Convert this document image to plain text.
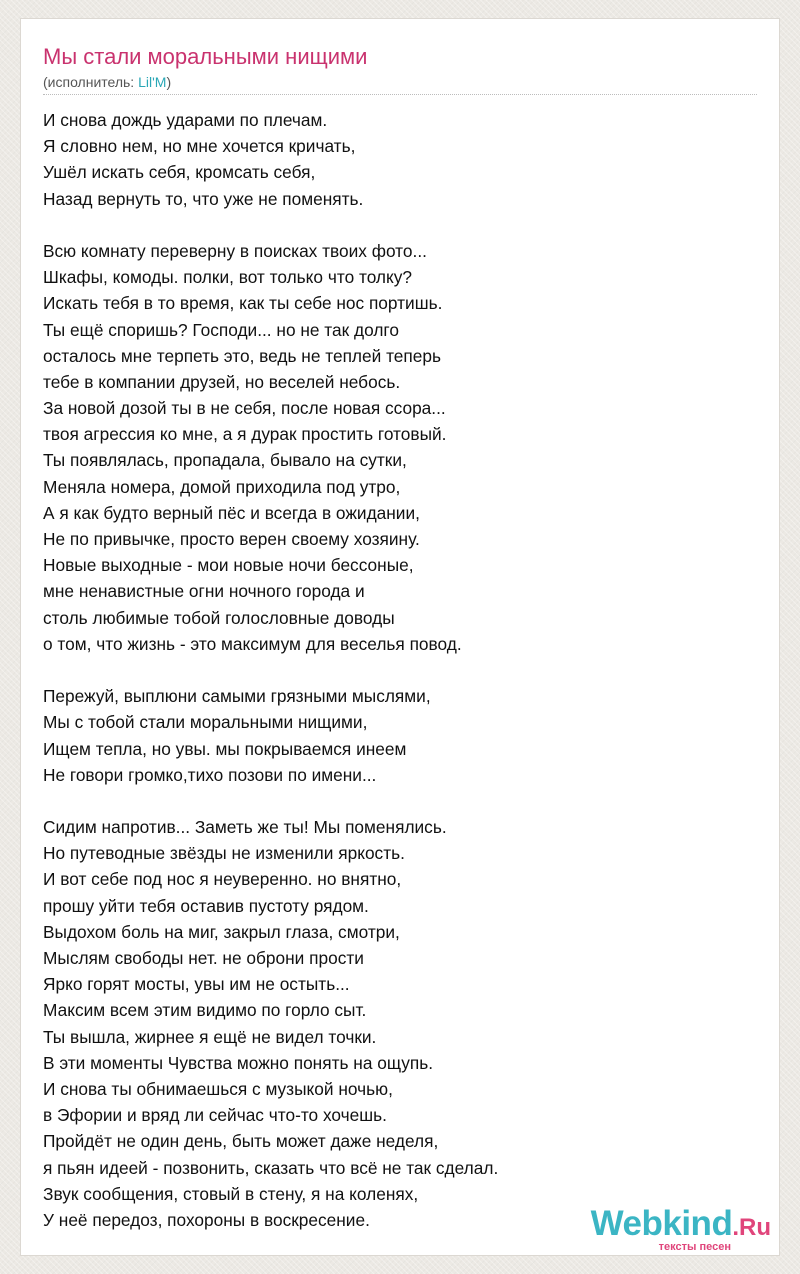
Мы стали моральными нищими
(исполнитель: Lil'M)
И снова дождь ударами по плечам.
Я словно нем, но мне хочется кричать,
Ушёл искать себя, кромсать себя,
Назад вернуть то, что уже не поменять.
Всю комнату переверну в поисках твоих фото...
Шкафы, комоды. полки, вот только что толку?
Искать тебя в то время, как ты себе нос портишь.
Ты ещё споришь? Господи... но не так долго
осталось мне терпеть это, ведь не теплей теперь
тебе в компании друзей, но веселей небось.
За новой дозой ты в не себя, после новая ссора...
твоя агрессия ко мне, а я дурак простить готовый.
Ты появлялась, пропадала, бывало на сутки,
Меняла номера, домой приходила под утро,
А я как будто верный пёс и всегда в ожидании,
Не по привычке, просто верен своему хозяину.
Новые выходные - мои новые ночи бессоные,
мне ненавистные огни ночного города и
столь любимые тобой голословные доводы
о том, что жизнь - это максимум для веселья повод.
Пережуй, выплюни самыми грязными мыслями,
Мы с тобой стали моральными нищими,
Ищем тепла, но увы. мы покрываемся инеем
Не говори громко,тихо позови по имени...
Сидим напротив... Заметь же ты! Мы поменялись.
Но путеводные звёзды не изменили яркость.
И вот себе под нос я неуверенно. но внятно,
прошу уйти тебя оставив пустоту рядом.
Выдохом боль на миг, закрыл глаза, смотри,
Мыслям свободы нет. не оброни прости
Ярко горят мосты, увы им не остыть...
Максим всем этим видимо по горло сыт.
Ты вышла, жирнее я ещё не видел точки.
В эти моменты Чувства можно понять на ощупь.
И снова ты обнимаешься с музыкой ночью,
в Эфории и вряд ли сейчас что-то хочешь.
Пройдёт не один день, быть может даже неделя,
я пьян идеей - позвонить, сказать что всё не так сделал.
Звук сообщения, стовый в стену, я на коленях,
У неё передоз, похороны в воскресение.	Webkind.Ru
тексты песен
